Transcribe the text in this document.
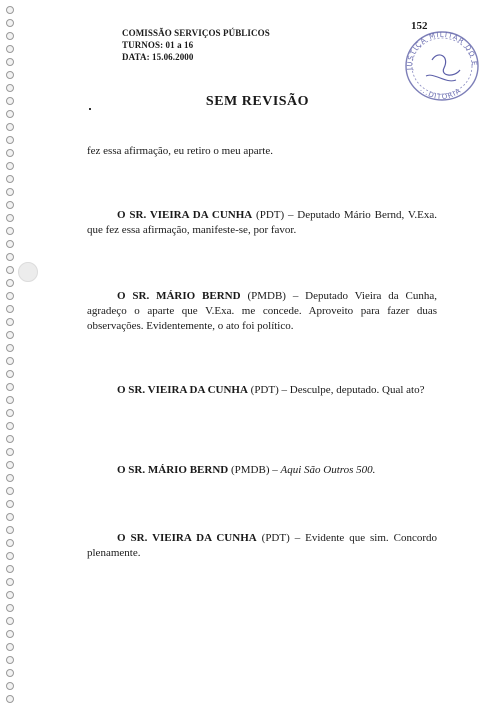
COMISSÃO SERVIÇOS PÚBLICOS
TURNOS: 01 a 16
DATA: 15.06.2000
152
JUSTIÇA MILITAR DO E
...DITORIA
SEM REVISÃO
fez essa afirmação, eu retiro o meu aparte.
O SR. VIEIRA DA CUNHA (PDT) – Deputado Mário Bernd, V.Exa. que fez essa afirmação, manifeste-se, por favor.
O SR. MÁRIO BERND (PMDB) – Deputado Vieira da Cunha, agradeço o aparte que V.Exa. me concede. Aproveito para fazer duas observações. Evidentemente, o ato foi político.
O SR. VIEIRA DA CUNHA (PDT) – Desculpe, deputado. Qual ato?
O SR. MÁRIO BERND (PMDB) – Aqui São Outros 500.
O SR. VIEIRA DA CUNHA (PDT) – Evidente que sim. Concordo plenamente.
